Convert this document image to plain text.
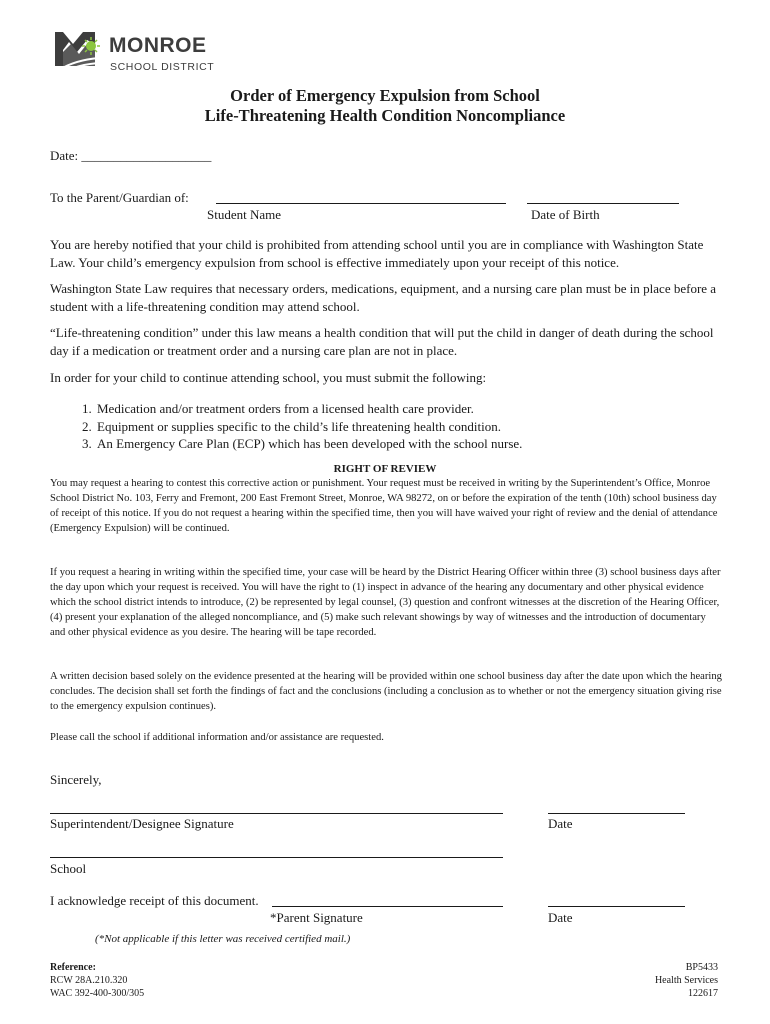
MONROE
SCHOOL DISTRICT
Order of Emergency Expulsion from School
Life-Threatening Health Condition Noncompliance
Date: ____________________
To the Parent/Guardian of:
Student Name	Date of Birth
You are hereby notified that your child is prohibited from attending school until you are in compliance with Washington State Law. Your child’s emergency expulsion from school is effective immediately upon your receipt of this notice.
Washington State Law requires that necessary orders, medications, equipment, and a nursing care plan must be in place before a student with a life-threatening condition may attend school.
“Life-threatening condition” under this law means a health condition that will put the child in danger of death during the school day if a medication or treatment order and a nursing care plan are not in place.
In order for your child to continue attending school, you must submit the following:
1. Medication and/or treatment orders from a licensed health care provider.
2. Equipment or supplies specific to the child’s life threatening health condition.
3. An Emergency Care Plan (ECP) which has been developed with the school nurse.
RIGHT OF REVIEW
You may request a hearing to contest this corrective action or punishment. Your request must be received in writing by the Superintendent’s Office, Monroe School District No. 103, Ferry and Fremont, 200 East Fremont Street, Monroe, WA 98272, on or before the expiration of the tenth (10th) school business day of receipt of this notice. If you do not request a hearing within the specified time, then you will have waived your right of review and the denial of attendance (Emergency Expulsion) will be continued.
If you request a hearing in writing within the specified time, your case will be heard by the District Hearing Officer within three (3) school business days after the day upon which your request is received. You will have the right to (1) inspect in advance of the hearing any documentary and other physical evidence which the school district intends to introduce, (2) be represented by legal counsel, (3) question and confront witnesses at the discretion of the Hearing Officer, (4) present your explanation of the alleged noncompliance, and (5) make such relevant showings by way of witnesses and the introduction of documentary and other physical evidence as you desire. The hearing will be tape recorded.
A written decision based solely on the evidence presented at the hearing will be provided within one school business day after the date upon which the hearing concludes. The decision shall set forth the findings of fact and the conclusions (including a conclusion as to whether or not the emergency situation giving rise to the emergency expulsion continues).
Please call the school if additional information and/or assistance are requested.
Sincerely,
Superintendent/Designee Signature	Date
School
I acknowledge receipt of this document.
*Parent Signature	Date
(*Not applicable if this letter was received certified mail.)
Reference:
RCW 28A.210.320
WAC 392-400-300/305
BP5433
Health Services
122617
